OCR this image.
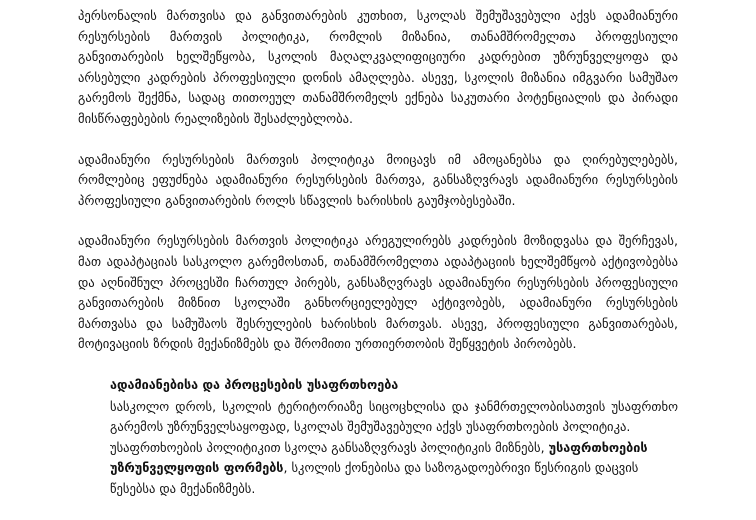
პერსონალის მართვისა და განვითარების კუთხით, სკოლას შემუშავებული აქვს ადამიანური რესურსების მართვის პოლიტიკა, რომლის მიზანია, თანამშრომელთა პროფესიული განვითარების ხელშეწყობა, სკოლის მაღალკვალიფიციური კადრებით უზრუნველყოფა და არსებული კადრების პროფესიული დონის ამაღლება. ასევე, სკოლის მიზანია იმგვარი სამუშაო გარემოს შექმნა, სადაც თითოეულ თანამშრომელს ექნება საკუთარი პოტენციალის და პირადი მისწრაფებების რეალიზების შესაძლებლობა.

ადამიანური რესურსების მართვის პოლიტიკა მოიცავს იმ ამოცანებსა და ღირებულებებს, რომლებიც ეფუძნება ადამიანური რესურსების მართვა, განსაზღვრავს ადამიანური რესურსების პროფესიული განვითარების როლს სწავლის ხარისხის გაუმჯობესებაში.

ადამიანური რესურსების მართვის პოლიტიკა არეგულირებს კადრების მოზიდვასა და შერჩევას, მათ ადაპტაციას სასკოლო გარემოსთან, თანამშრომელთა ადაპტაციის ხელშემწყობ აქტივობებსა და აღნიშნულ პროცესში ჩართულ პირებს, განსაზღვრავს ადამიანური რესურსების პროფესიული განვითარების მიზნით სკოლაში განხორციელებულ აქტივობებს, ადამიანური რესურსების მართვასა და სამუშაოს შესრულების ხარისხის მართვას. ასევე, პროფესიული განვითარებას, მოტივაციის ზრდის მექანიზმებს და შრომითი ურთიერთობის შეწყვეტის პირობებს.

ადამიანებისა და პროცესების უსაფრთხოება

სასკოლო დროს, სკოლის ტერიტორიაზე სიცოცხლისა და ჯანმრთელობისათვის უსაფრთხო გარემოს უზრუნველსაყოფად, სკოლას შემუშავებული აქვს უსაფრთხოების პოლიტიკა.

უსაფრთხოების პოლიტიკით სკოლა განსაზღვრავს პოლიტიკის მიზნებს, უსაფრთხოების უზრუნველყოფის ფორმებს, სკოლის ქონებისა და საზოგადოებრივი წესრიგის დაცვის წესებსა და მექანიზმებს.
